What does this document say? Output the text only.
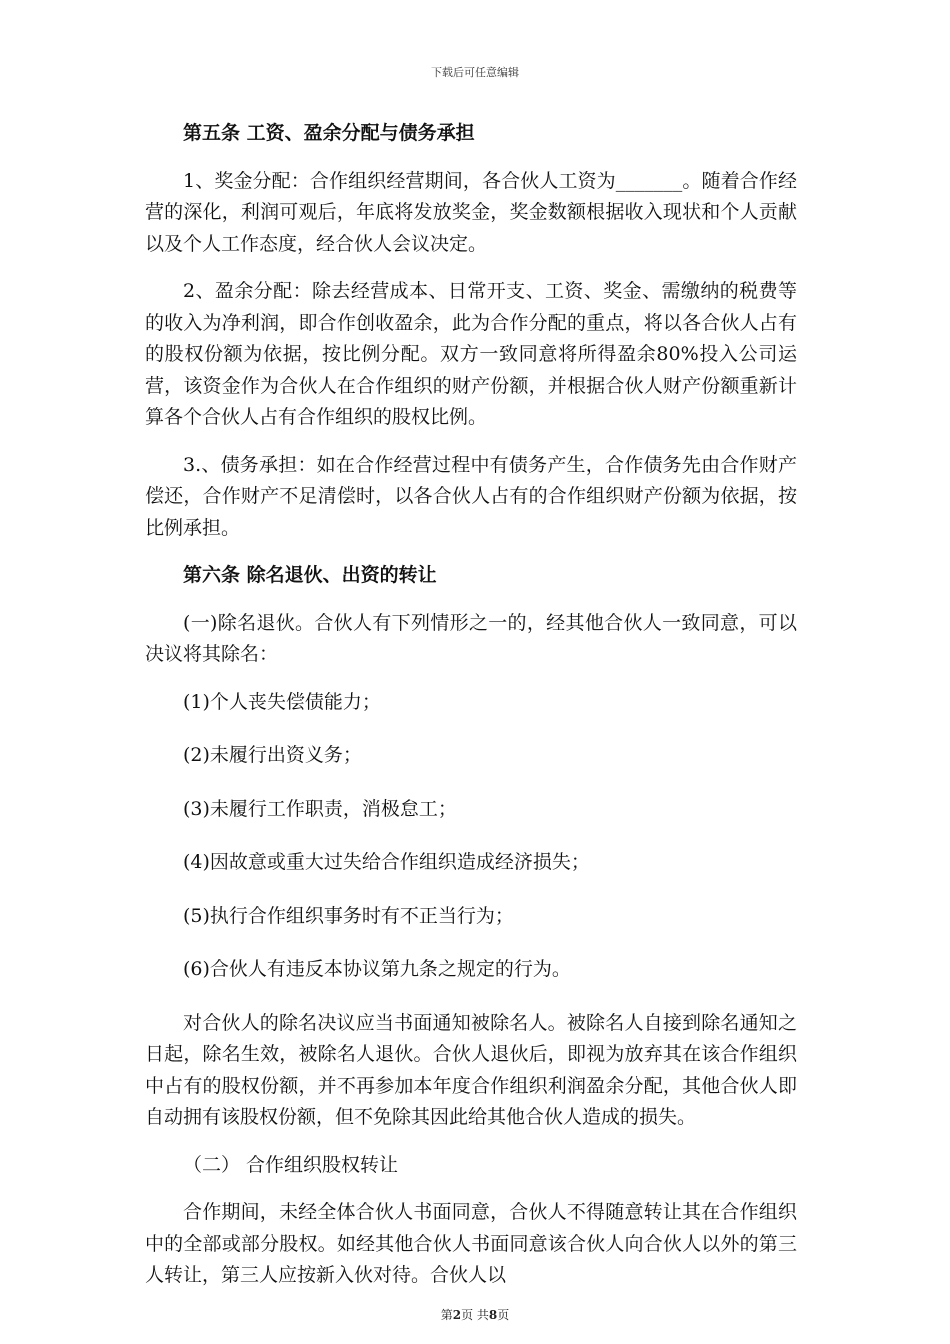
下载后可任意编辑
第五条 工资、盈余分配与债务承担

1、奖金分配：合作组织经营期间，各合伙人工资为_______。随着合作经营的深化，利润可观后，年底将发放奖金，奖金数额根据收入现状和个人贡献以及个人工作态度，经合伙人会议决定。

2、盈余分配：除去经营成本、日常开支、工资、奖金、需缴纳的税费等的收入为净利润，即合作创收盈余，此为合作分配的重点，将以各合伙人占有的股权份额为依据，按比例分配。双方一致同意将所得盈余80%投入公司运营，该资金作为合伙人在合作组织的财产份额，并根据合伙人财产份额重新计算各个合伙人占有合作组织的股权比例。

3.、债务承担：如在合作经营过程中有债务产生，合作债务先由合作财产偿还，合作财产不足清偿时，以各合伙人占有的合作组织财产份额为依据，按比例承担。

第六条 除名退伙、出资的转让

(一)除名退伙。合伙人有下列情形之一的，经其他合伙人一致同意，可以决议将其除名：

(1)个人丧失偿债能力；

(2)未履行出资义务；

(3)未履行工作职责，消极怠工；

(4)因故意或重大过失给合作组织造成经济损失；

(5)执行合作组织事务时有不正当行为；

(6)合伙人有违反本协议第九条之规定的行为。

对合伙人的除名决议应当书面通知被除名人。被除名人自接到除名通知之日起，除名生效，被除名人退伙。合伙人退伙后，即视为放弃其在该合作组织中占有的股权份额，并不再参加本年度合作组织利润盈余分配，其他合伙人即自动拥有该股权份额，但不免除其因此给其他合伙人造成的损失。

（二） 合作组织股权转让

合作期间，未经全体合伙人书面同意，合伙人不得随意转让其在合作组织中的全部或部分股权。如经其他合伙人书面同意该合伙人向合伙人以外的第三人转让，第三人应按新入伙对待。合伙人以

第2页 共8页
